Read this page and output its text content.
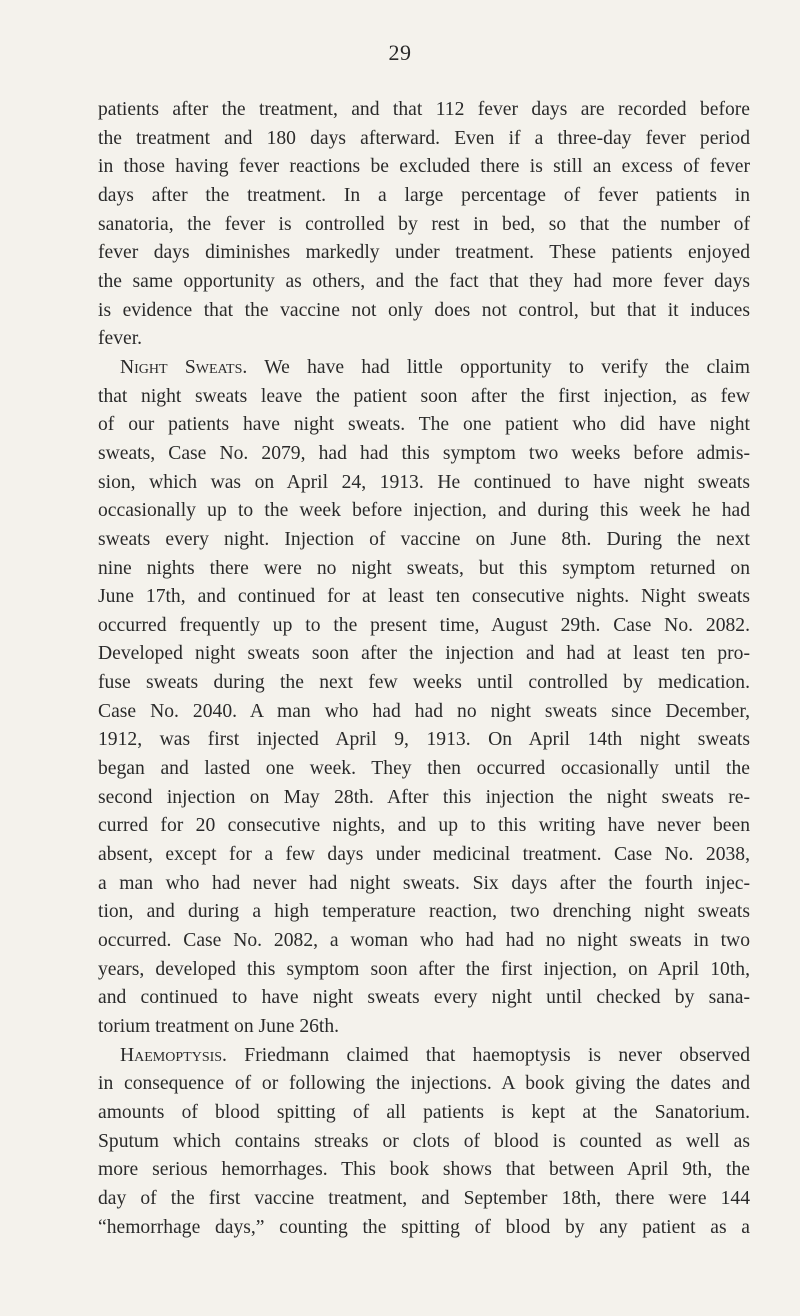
29
patients after the treatment, and that 112 fever days are recorded before
the treatment and 180 days afterward. Even if a three-day fever period
in those having fever reactions be excluded there is still an excess of fever
days after the treatment. In a large percentage of fever patients in
sanatoria, the fever is controlled by rest in bed, so that the number of
fever days diminishes markedly under treatment. These patients enjoyed
the same opportunity as others, and the fact that they had more fever days
is evidence that the vaccine not only does not control, but that it induces
fever.
Night Sweats. We have had little opportunity to verify the claim
that night sweats leave the patient soon after the first injection, as few
of our patients have night sweats. The one patient who did have night
sweats, Case No. 2079, had had this symptom two weeks before admis-
sion, which was on April 24, 1913. He continued to have night sweats
occasionally up to the week before injection, and during this week he had
sweats every night. Injection of vaccine on June 8th. During the next
nine nights there were no night sweats, but this symptom returned on
June 17th, and continued for at least ten consecutive nights. Night sweats
occurred frequently up to the present time, August 29th. Case No. 2082.
Developed night sweats soon after the injection and had at least ten pro-
fuse sweats during the next few weeks until controlled by medication.
Case No. 2040. A man who had had no night sweats since December,
1912, was first injected April 9, 1913. On April 14th night sweats
began and lasted one week. They then occurred occasionally until the
second injection on May 28th. After this injection the night sweats re-
curred for 20 consecutive nights, and up to this writing have never been
absent, except for a few days under medicinal treatment. Case No. 2038,
a man who had never had night sweats. Six days after the fourth injec-
tion, and during a high temperature reaction, two drenching night sweats
occurred. Case No. 2082, a woman who had had no night sweats in two
years, developed this symptom soon after the first injection, on April 10th,
and continued to have night sweats every night until checked by sana-
torium treatment on June 26th.
Haemoptysis. Friedmann claimed that haemoptysis is never observed
in consequence of or following the injections. A book giving the dates and
amounts of blood spitting of all patients is kept at the Sanatorium.
Sputum which contains streaks or clots of blood is counted as well as
more serious hemorrhages. This book shows that between April 9th, the
day of the first vaccine treatment, and September 18th, there were 144
“hemorrhage days,” counting the spitting of blood by any patient as a
